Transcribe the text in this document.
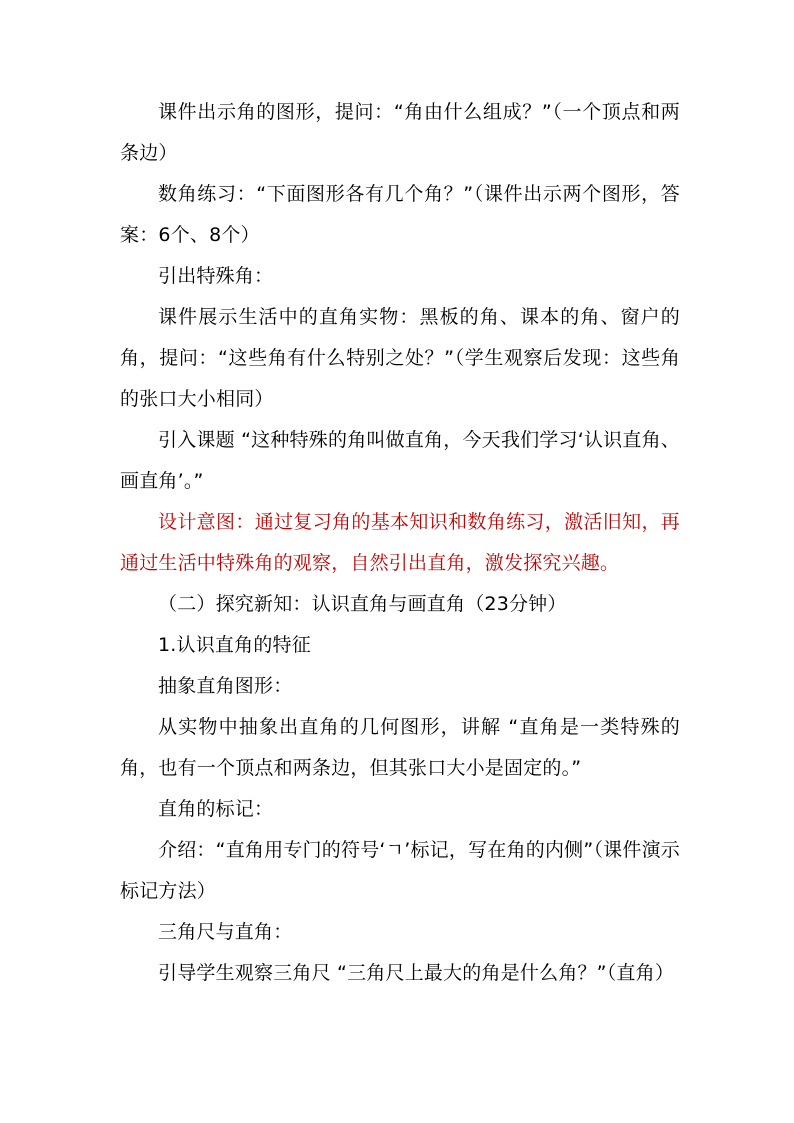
课件出示角的图形，提问：“角由什么组成？”（一个顶点和两条边）

数角练习：“下面图形各有几个角？”（课件出示两个图形，答案：6个、8个）

引出特殊角：

课件展示生活中的直角实物：黑板的角、课本的角、窗户的角，提问：“这些角有什么特别之处？”（学生观察后发现：这些角的张口大小相同）

引入课题 “这种特殊的角叫做直角，今天我们学习‘认识直角、画直角’。”

设计意图：通过复习角的基本知识和数角练习，激活旧知，再通过生活中特殊角的观察，自然引出直角，激发探究兴趣。

（二）探究新知：认识直角与画直角（23分钟）

1.认识直角的特征

抽象直角图形：

从实物中抽象出直角的几何图形，讲解 “直角是一类特殊的角，也有一个顶点和两条边，但其张口大小是固定的。”

直角的标记：

介绍：“直角用专门的符号‘ㄱ’标记，写在角的内侧”（课件演示标记方法）

三角尺与直角：

引导学生观察三角尺 “三角尺上最大的角是什么角？”（直角）
